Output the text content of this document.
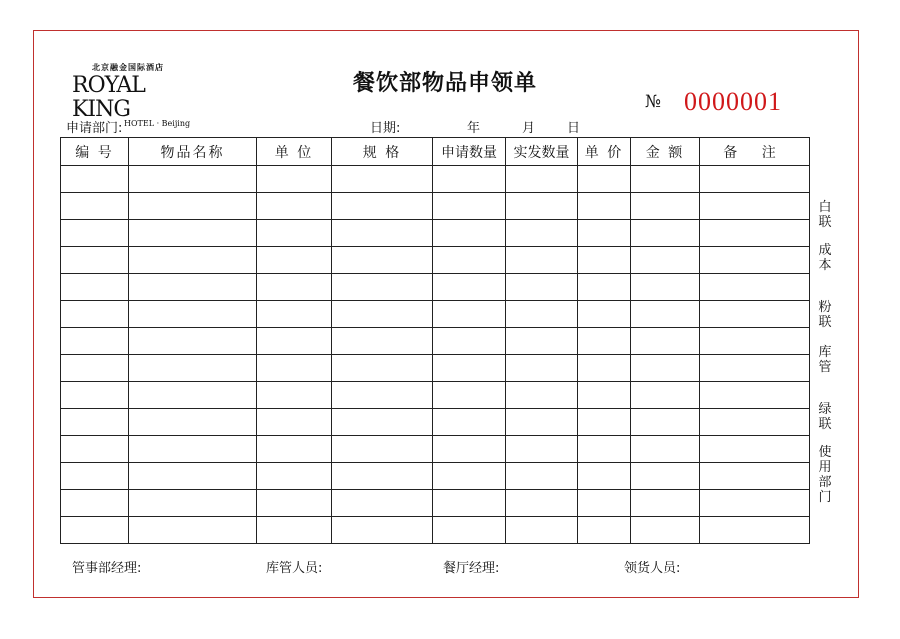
北京融金国际酒店
ROYAL KING
HOTEL · Beijing
餐饮部物品申领单
№ 0000001
申请部门:	日期:	年	月 日
编 号	物品名称	单 位	规 格	申请数量	实发数量	单 价	金 额	备 注

白联
成本
粉联
库管
绿联
使用部门
管事部经理:	库管人员:	餐厅经理:	领货人员:
